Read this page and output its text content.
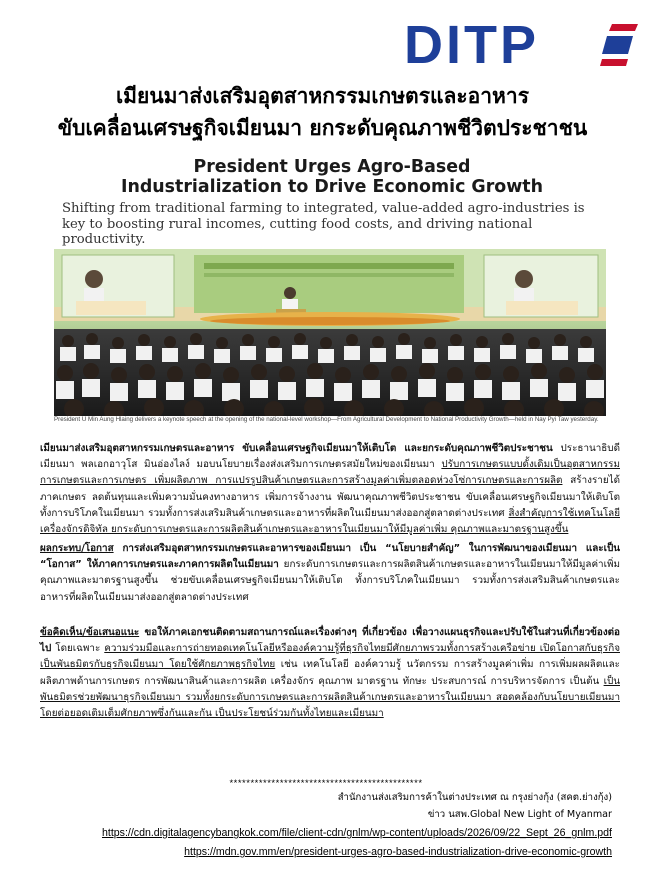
DITP
เมียนมาส่งเสริมอุตสาหกรรมเกษตรและอาหาร
ขับเคลื่อนเศรษฐกิจเมียนมา ยกระดับคุณภาพชีวิตประชาชน
President Urges Agro-Based
Industrialization to Drive Economic Growth
Shifting from traditional farming to integrated, value-added agro-industries is key to boosting rural incomes, cutting food costs, and driving national productivity.
President U Min Aung Hlaing delivers a keynote speech at the opening of the national-level workshop—From Agricultural Development to National Productivity Growth—held in Nay Pyi Taw yesterday.
เมียนมาส่งเสริมอุตสาหกรรมเกษตรและอาหาร ขับเคลื่อนเศรษฐกิจเมียนมาให้เติบโต และยกระดับคุณภาพชีวิตประชาชน ประธานาธิบดีเมียนมา พลเอกอาวุโส มินอ่องไลง์ มอบนโยบายเรื่องส่งเสริมการเกษตรสมัยใหม่ของเมียนมา ปรับการเกษตรแบบดั้งเดิมเป็นอุตสาหกรรมการเกษตรและการเกษตร เพิ่มผลิตภาพ การแปรรูปสินค้าเกษตรและการสร้างมูลค่าเพิ่มตลอดห่วงโซ่การเกษตรและการผลิต สร้างรายได้ภาคเกษตร ลดต้นทุนและเพิ่มความมั่นคงทางอาหาร เพิ่มการจ้างงาน พัฒนาคุณภาพชีวิตประชาชน ขับเคลื่อนเศรษฐกิจเมียนมาให้เติบโต ทั้งการบริโภคในเมียนมา รวมทั้งการส่งเสริมสินค้าเกษตรและอาหารที่ผลิตในเมียนมาส่งออกสู่ตลาดต่างประเทศ สิ่งสำคัญการใช้เทคโนโลยี เครื่องจักรดิจิทัล ยกระดับการเกษตรและการผลิตสินค้าเกษตรและอาหารในเมียนมาให้มีมูลค่าเพิ่ม คุณภาพและมาตรฐานสูงขึ้น
ผลกระทบ/โอกาส การส่งเสริมอุตสาหกรรมเกษตรและอาหารของเมียนมา เป็น “นโยบายสำคัญ” ในการพัฒนาของเมียนมา และเป็น “โอกาส” ให้ภาคการเกษตรและภาคการผลิตในเมียนมา ยกระดับการเกษตรและการผลิตสินค้าเกษตรและอาหารในเมียนมาให้มีมูลค่าเพิ่ม คุณภาพและมาตรฐานสูงขึ้น ช่วยขับเคลื่อนเศรษฐกิจเมียนมาให้เติบโต ทั้งการบริโภคในเมียนมา รวมทั้งการส่งเสริมสินค้าเกษตรและอาหารที่ผลิตในเมียนมาส่งออกสู่ตลาดต่างประเทศ
ข้อคิดเห็น/ข้อเสนอแนะ ขอให้ภาคเอกชนติดตามสถานการณ์และเรื่องต่างๆ ที่เกี่ยวข้อง เพื่อวางแผนธุรกิจและปรับใช้ในส่วนที่เกี่ยวข้องต่อไป โดยเฉพาะ ความร่วมมือและการถ่ายทอดเทคโนโลยีหรือองค์ความรู้ที่ธุรกิจไทยมีศักยภาพรวมทั้งการสร้างเครือข่าย เปิดโอกาสกับธุรกิจ เป็นพันธมิตรกับธุรกิจเมียนมา โดยใช้ศักยภาพธุรกิจไทย เช่น เทคโนโลยี องค์ความรู้ นวัตกรรม การสร้างมูลค่าเพิ่ม การเพิ่มผลผลิตและผลิตภาพด้านการเกษตร การพัฒนาสินค้าและการผลิต เครื่องจักร คุณภาพ มาตรฐาน ทักษะ ประสบการณ์ การบริหารจัดการ เป็นต้น เป็นพันธมิตรช่วยพัฒนาธุรกิจเมียนมา รวมทั้งยกระดับการเกษตรและการผลิตสินค้าเกษตรและอาหารในเมียนมา สอดคล้องกับนโยบายเมียนมา โดยต่อยอดเติมเต็มศักยภาพซึ่งกันและกัน เป็นประโยชน์ร่วมกันทั้งไทยและเมียนมา
**********************************************
สำนักงานส่งเสริมการค้าในต่างประเทศ ณ กรุงย่างกุ้ง (สคต.ย่างกุ้ง)
ข่าว นสพ.Global New Light of Myanmar
https://cdn.digitalagencybangkok.com/file/client-cdn/gnlm/wp-content/uploads/2026/09/22_Sept_26_gnlm.pdf
https://mdn.gov.mm/en/president-urges-agro-based-industrialization-drive-economic-growth
